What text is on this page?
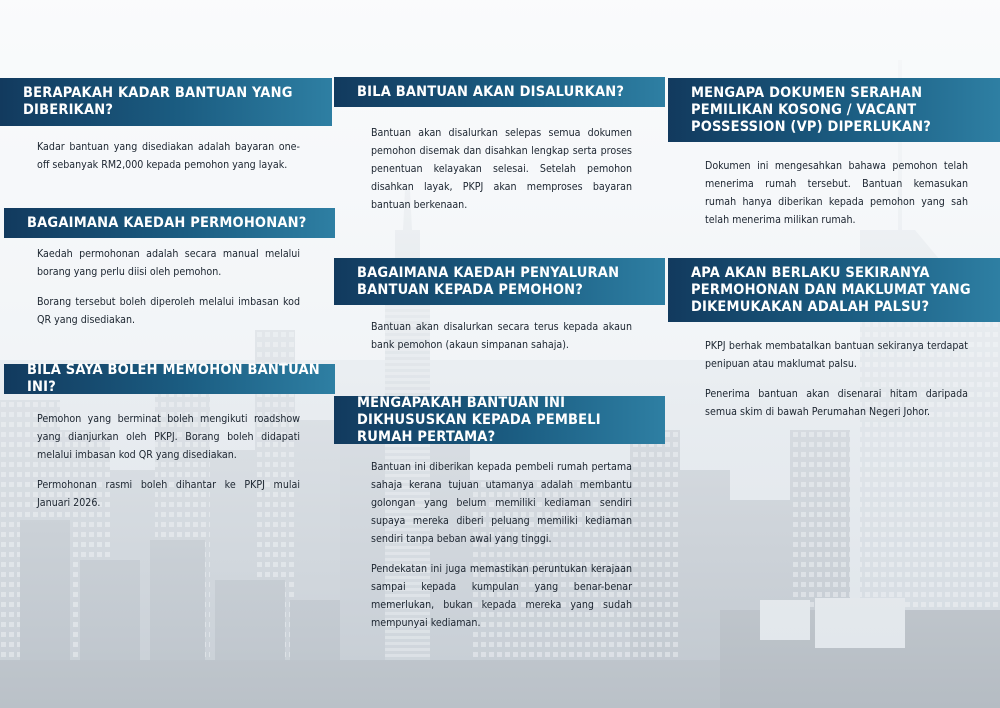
BERAPAKAH KADAR BANTUAN YANG DIBERIKAN?

Kadar bantuan yang disediakan adalah bayaran one-off sebanyak RM2,000 kepada pemohon yang layak.

BAGAIMANA KAEDAH PERMOHONAN?

Kaedah permohonan adalah secara manual melalui borang yang perlu diisi oleh pemohon.

Borang tersebut boleh diperoleh melalui imbasan kod QR yang disediakan.

BILA SAYA BOLEH MEMOHON BANTUAN INI?

Pemohon yang berminat boleh mengikuti roadshow yang dianjurkan oleh PKPJ. Borang boleh didapati melalui imbasan kod QR yang disediakan.

Permohonan rasmi boleh dihantar ke PKPJ mulai Januari 2026.

BILA BANTUAN AKAN DISALURKAN?

Bantuan akan disalurkan selepas semua dokumen pemohon disemak dan disahkan lengkap serta proses penentuan kelayakan selesai. Setelah pemohon disahkan layak, PKPJ akan memproses bayaran bantuan berkenaan.

BAGAIMANA KAEDAH PENYALURAN BANTUAN KEPADA PEMOHON?

Bantuan akan disalurkan secara terus kepada akaun bank pemohon (akaun simpanan sahaja).

MENGAPAKAH BANTUAN INI DIKHUSUSKAN KEPADA PEMBELI RUMAH PERTAMA?

Bantuan ini diberikan kepada pembeli rumah pertama sahaja kerana tujuan utamanya adalah membantu golongan yang belum memiliki kediaman sendiri supaya mereka diberi peluang memiliki kediaman sendiri tanpa beban awal yang tinggi.

Pendekatan ini juga memastikan peruntukan kerajaan sampai kepada kumpulan yang benar-benar memerlukan, bukan kepada mereka yang sudah mempunyai kediaman.

MENGAPA DOKUMEN SERAHAN PEMILIKAN KOSONG / VACANT POSSESSION (VP) DIPERLUKAN?

Dokumen ini mengesahkan bahawa pemohon telah menerima rumah tersebut. Bantuan kemasukan rumah hanya diberikan kepada pemohon yang sah telah menerima milikan rumah.

APA AKAN BERLAKU SEKIRANYA PERMOHONAN DAN MAKLUMAT YANG DIKEMUKAKAN ADALAH PALSU?

PKPJ berhak membatalkan bantuan sekiranya terdapat penipuan atau maklumat palsu.

Penerima bantuan akan disenarai hitam daripada semua skim di bawah Perumahan Negeri Johor.
